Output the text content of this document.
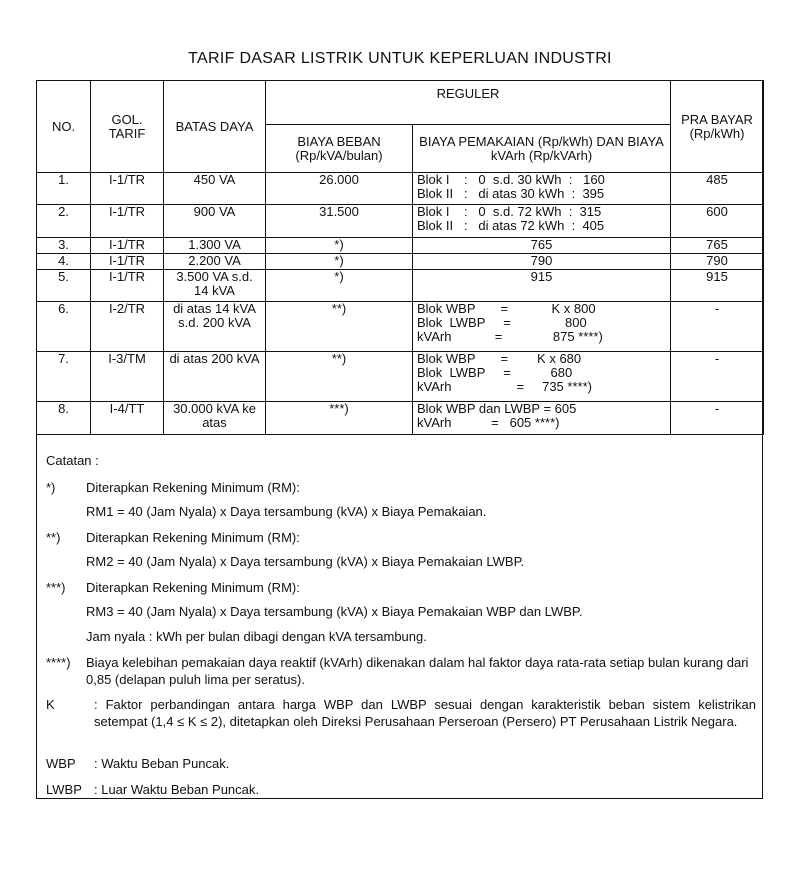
TARIF DASAR LISTRIK UNTUK KEPERLUAN INDUSTRI
NO.	GOL. TARIF	BATAS DAYA	REGULER		PRA BAYAR (Rp/kWh)
			BIAYA BEBAN (Rp/kVA/bulan)	BIAYA PEMAKAIAN (Rp/kWh) DAN BIAYA kVArh (Rp/kVArh)	
1.	I-1/TR	450 VA	26.000	Blok I    :   0  s.d. 30 kWh  :   160
Blok II   :   di atas 30 kWh  :  395	485
2.	I-1/TR	900 VA	31.500	Blok I    :   0  s.d. 72 kWh  :  315
Blok II   :   di atas 72 kWh  :  405	600
3.	I-1/TR	1.300 VA	*)	765	765
4.	I-1/TR	2.200 VA	*)	790	790
5.	I-1/TR	3.500 VA s.d. 14 kVA	*)	915	915
6.	I-2/TR	di atas 14 kVA s.d. 200 kVA	**)	Blok WBP       =            K x 800
Blok  LWBP     =               800
kVArh            =              875 ****)	-
7.	I-3/TM	di atas 200 kVA	**)	Blok WBP       =        K x 680
Blok  LWBP     =           680
kVArh                  =     735 ****)	-
8.	I-4/TT	30.000 kVA ke atas	***)	Blok WBP dan LWBP = 605
kVArh           =   605 ****)	-
Catatan :
*) Diterapkan Rekening Minimum (RM):
RM1 = 40 (Jam Nyala) x Daya tersambung (kVA) x Biaya Pemakaian.
**) Diterapkan Rekening Minimum (RM):
RM2 = 40 (Jam Nyala) x Daya tersambung (kVA) x Biaya Pemakaian LWBP.
***) Diterapkan Rekening Minimum (RM):
RM3 = 40 (Jam Nyala) x Daya tersambung (kVA) x Biaya Pemakaian WBP dan LWBP.
Jam nyala : kWh per bulan dibagi dengan kVA tersambung.
****) Biaya kelebihan pemakaian daya reaktif (kVArh) dikenakan dalam hal faktor daya rata-rata setiap bulan kurang dari 0,85 (delapan puluh lima per seratus).
K	: Faktor perbandingan antara harga WBP dan LWBP sesuai dengan karakteristik beban sistem kelistrikan setempat (1,4 ≤ K ≤ 2), ditetapkan oleh Direksi Perusahaan Perseroan (Persero) PT Perusahaan Listrik Negara.
WBP : Waktu Beban Puncak.
LWBP : Luar Waktu Beban Puncak.
